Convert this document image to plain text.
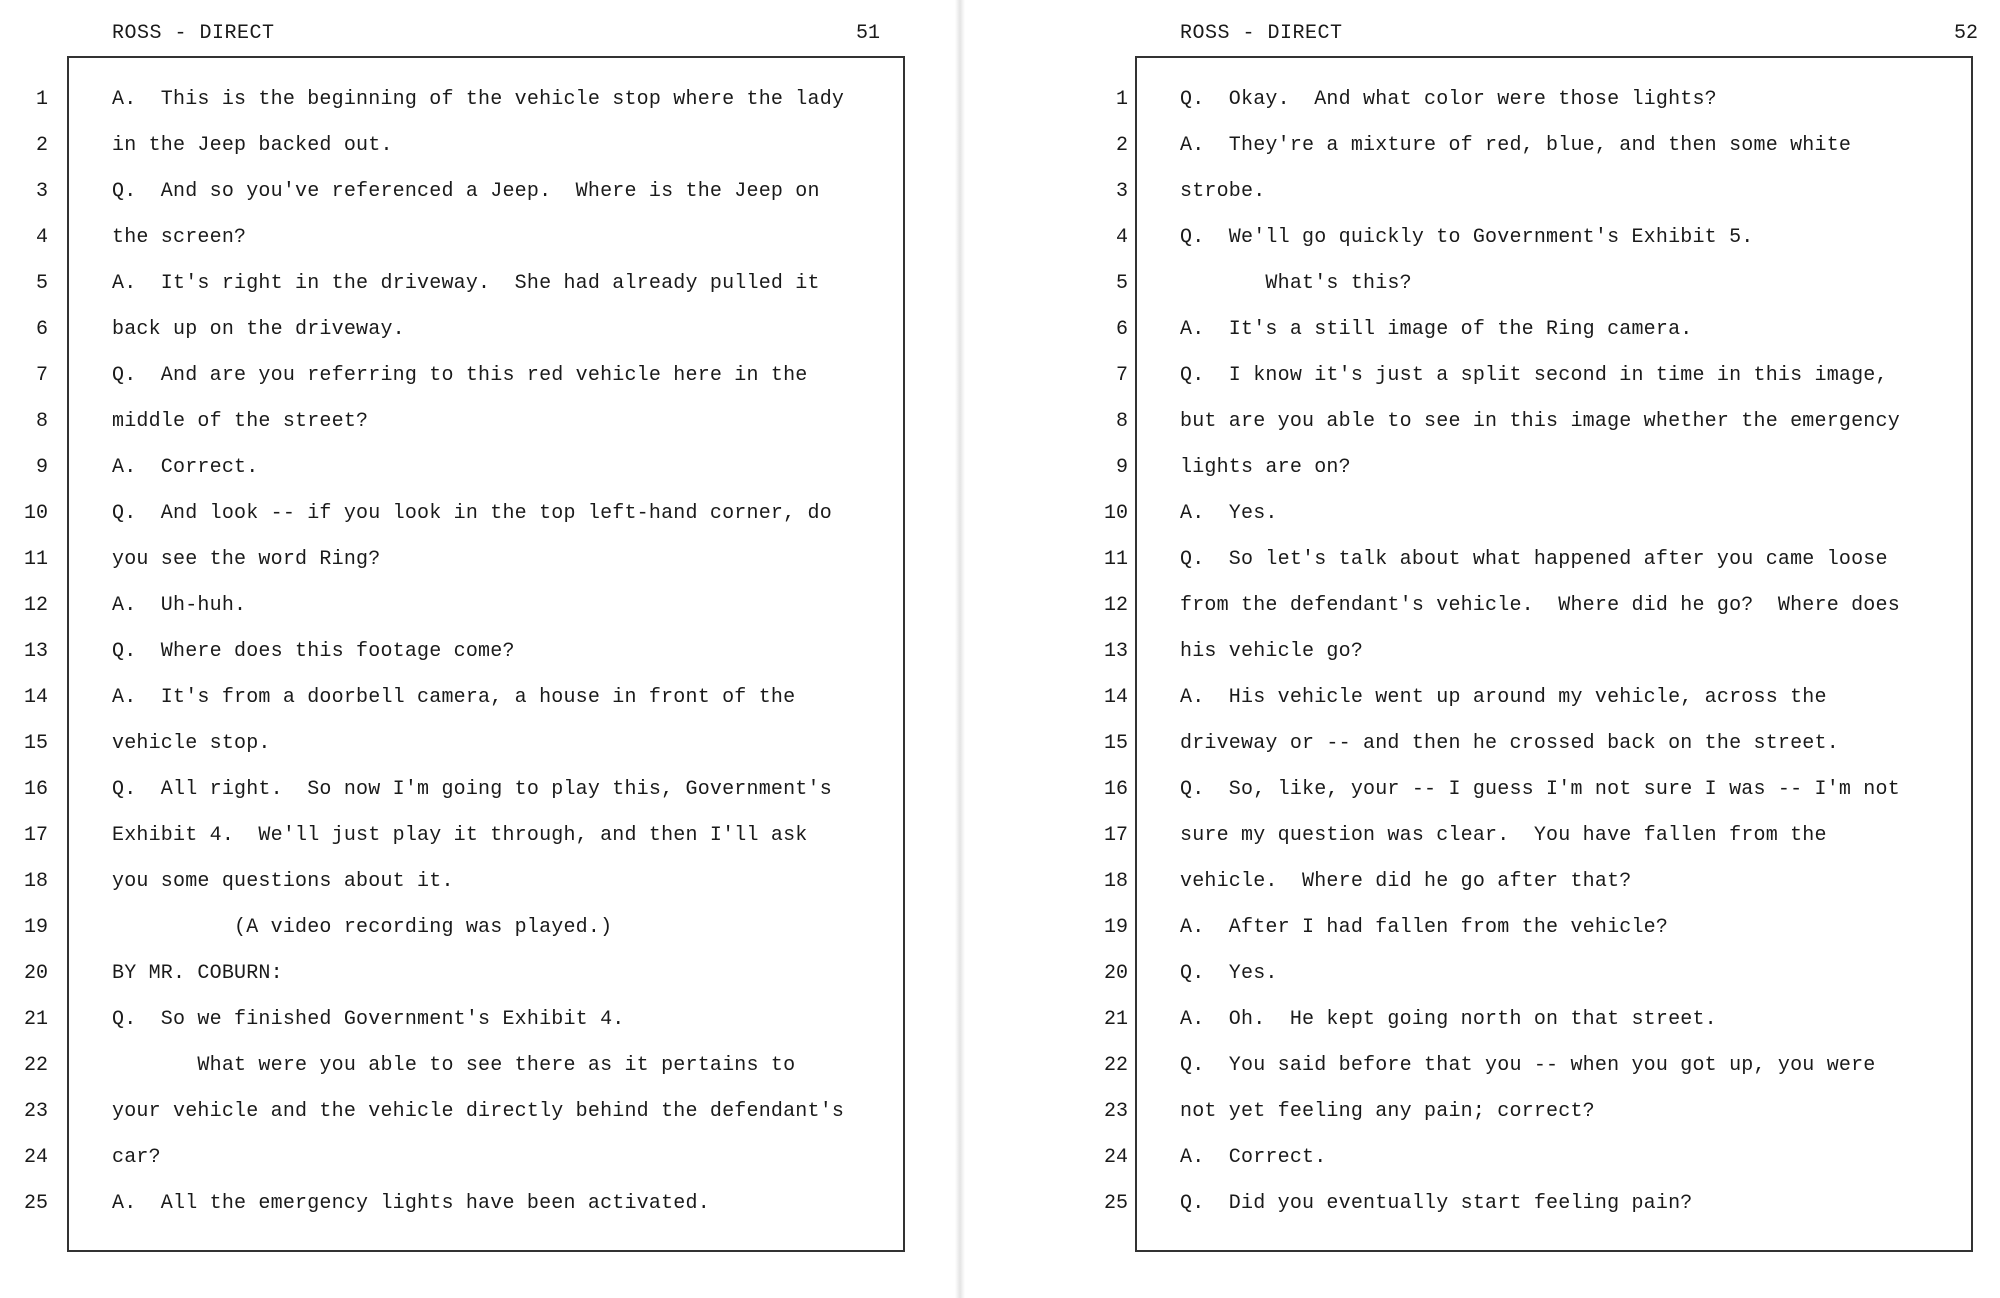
ROSS - DIRECT	51
1
2
3
4
5
6
7
8
9
10
11
12
13
14
15
16
17
18
19
20
21
22
23
24
25
A.  This is the beginning of the vehicle stop where the lady
in the Jeep backed out.
Q.  And so you've referenced a Jeep.  Where is the Jeep on
the screen?
A.  It's right in the driveway.  She had already pulled it
back up on the driveway.
Q.  And are you referring to this red vehicle here in the
middle of the street?
A.  Correct.
Q.  And look -- if you look in the top left-hand corner, do
you see the word Ring?
A.  Uh-huh.
Q.  Where does this footage come?
A.  It's from a doorbell camera, a house in front of the
vehicle stop.
Q.  All right.  So now I'm going to play this, Government's
Exhibit 4.  We'll just play it through, and then I'll ask
you some questions about it.
(A video recording was played.)
BY MR. COBURN:
Q.  So we finished Government's Exhibit 4.
What were you able to see there as it pertains to
your vehicle and the vehicle directly behind the defendant's
car?
A.  All the emergency lights have been activated.
ROSS - DIRECT	52
1
2
3
4
5
6
7
8
9
10
11
12
13
14
15
16
17
18
19
20
21
22
23
24
25
Q.  Okay.  And what color were those lights?
A.  They're a mixture of red, blue, and then some white
strobe.
Q.  We'll go quickly to Government's Exhibit 5.
What's this?
A.  It's a still image of the Ring camera.
Q.  I know it's just a split second in time in this image,
but are you able to see in this image whether the emergency
lights are on?
A.  Yes.
Q.  So let's talk about what happened after you came loose
from the defendant's vehicle.  Where did he go?  Where does
his vehicle go?
A.  His vehicle went up around my vehicle, across the
driveway or -- and then he crossed back on the street.
Q.  So, like, your -- I guess I'm not sure I was -- I'm not
sure my question was clear.  You have fallen from the
vehicle.  Where did he go after that?
A.  After I had fallen from the vehicle?
Q.  Yes.
A.  Oh.  He kept going north on that street.
Q.  You said before that you -- when you got up, you were
not yet feeling any pain; correct?
A.  Correct.
Q.  Did you eventually start feeling pain?
